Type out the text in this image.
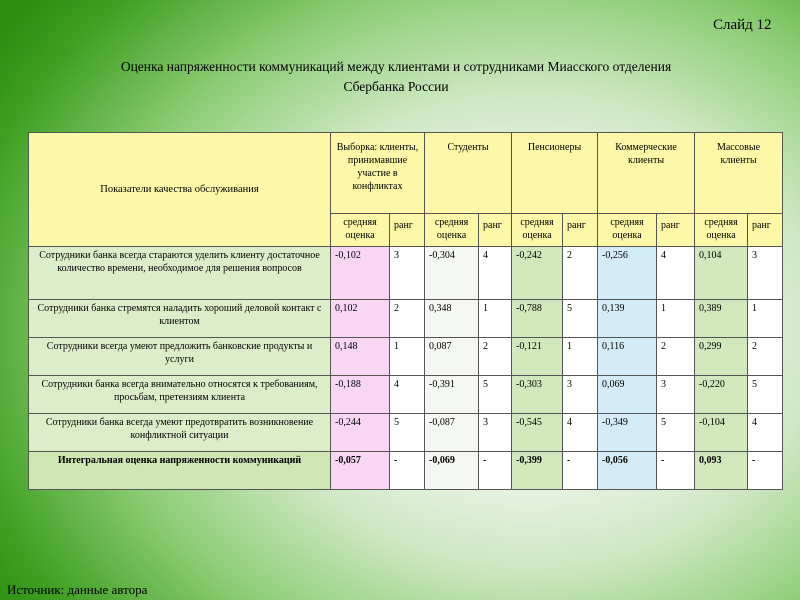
Слайд 12
Оценка напряженности коммуникаций между клиентами и сотрудниками Миасского отделения
Сбербанка России
Показатели качества обслуживания	Выборка: клиенты, принимавшие участие в конфликтах		Студенты		Пенсионеры		Коммерческие клиенты		Массовые клиенты	
	средняя оценка	ранг	средняя оценка	ранг	средняя оценка	ранг	средняя оценка	ранг	средняя оценка	ранг
Сотрудники банка всегда стараются уделить клиенту достаточное количество времени, необходимое для решения вопросов	-0,102	3	-0,304	4	-0,242	2	-0,256	4	0,104	3
Сотрудники банка стремятся наладить хороший деловой контакт с клиентом	0,102	2	0,348	1	-0,788	5	0,139	1	0,389	1
Сотрудники всегда умеют предложить банковские продукты и услуги	0,148	1	0,087	2	-0,121	1	0,116	2	0,299	2
Сотрудники банка всегда внимательно относятся к требованиям, просьбам, претензиям клиента	-0,188	4	-0,391	5	-0,303	3	0,069	3	-0,220	5
Сотрудники банка всегда умеют предотвратить возникновение конфликтной ситуации	-0,244	5	-0,087	3	-0,545	4	-0,349	5	-0,104	4
Интегральная оценка напряженности коммуникаций	-0,057	-	-0,069	-	-0,399	-	-0,056	-	0,093	-
Источник: данные автора
